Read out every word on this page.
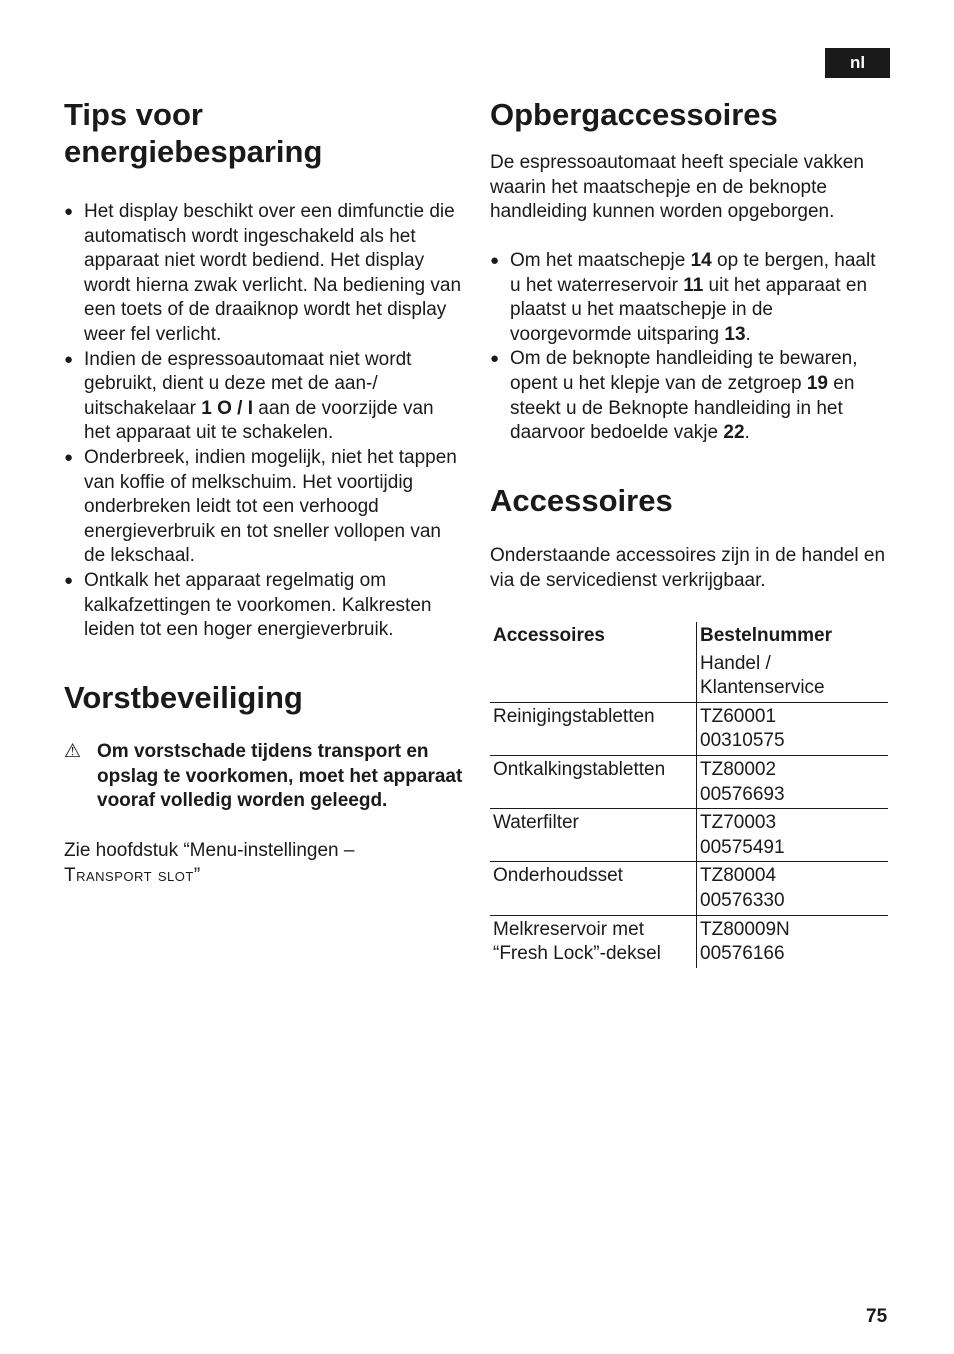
nl
Tips voor energiebesparing
● Het display beschikt over een dimfunctie die automatisch wordt ingeschakeld als het apparaat niet wordt bediend. Het display wordt hierna zwak verlicht. Na bediening van een toets of de draaiknop wordt het display weer fel verlicht.
● Indien de espressoautomaat niet wordt gebruikt, dient u deze met de aan-/ uitschakelaar 1 O / I aan de voorzijde van het apparaat uit te schakelen.
● Onderbreek, indien mogelijk, niet het tappen van koffie of melkschuim. Het voortijdig onderbreken leidt tot een verhoogd energieverbruik en tot sneller vollopen van de lekschaal.
● Ontkalk het apparaat regelmatig om kalkafzettingen te voorkomen. Kalkresten leiden tot een hoger energieverbruik.
Vorstbeveiliging
⚠ Om vorstschade tijdens transport en opslag te voorkomen, moet het apparaat vooraf volledig worden geleegd.

Zie hoofdstuk “Menu-instellingen –
Transport slot”

Opbergaccessoires

De espressoautomaat heeft speciale vakken waarin het maatschepje en de beknopte handleiding kunnen worden opgeborgen.

● Om het maatschepje 14 op te bergen, haalt u het waterreservoir 11 uit het apparaat en plaatst u het maatschepje in de voorgevormde uitsparing 13.
● Om de beknopte handleiding te bewaren, opent u het klepje van de zetgroep 19 en steekt u de Beknopte handleiding in het daarvoor bedoelde vakje 22.
Accessoires

Onderstaande accessoires zijn in de handel en via de servicedienst verkrijgbaar.

Accessoires	Bestelnummer
	Handel / Klantenservice
Reinigingstabletten	TZ60001
00310575
Ontkalkingstabletten	TZ80002
00576693
Waterfilter	TZ70003
00575491
Onderhoudsset	TZ80004
00576330
Melkreservoir met “Fresh Lock”-deksel	TZ80009N
00576166
75
